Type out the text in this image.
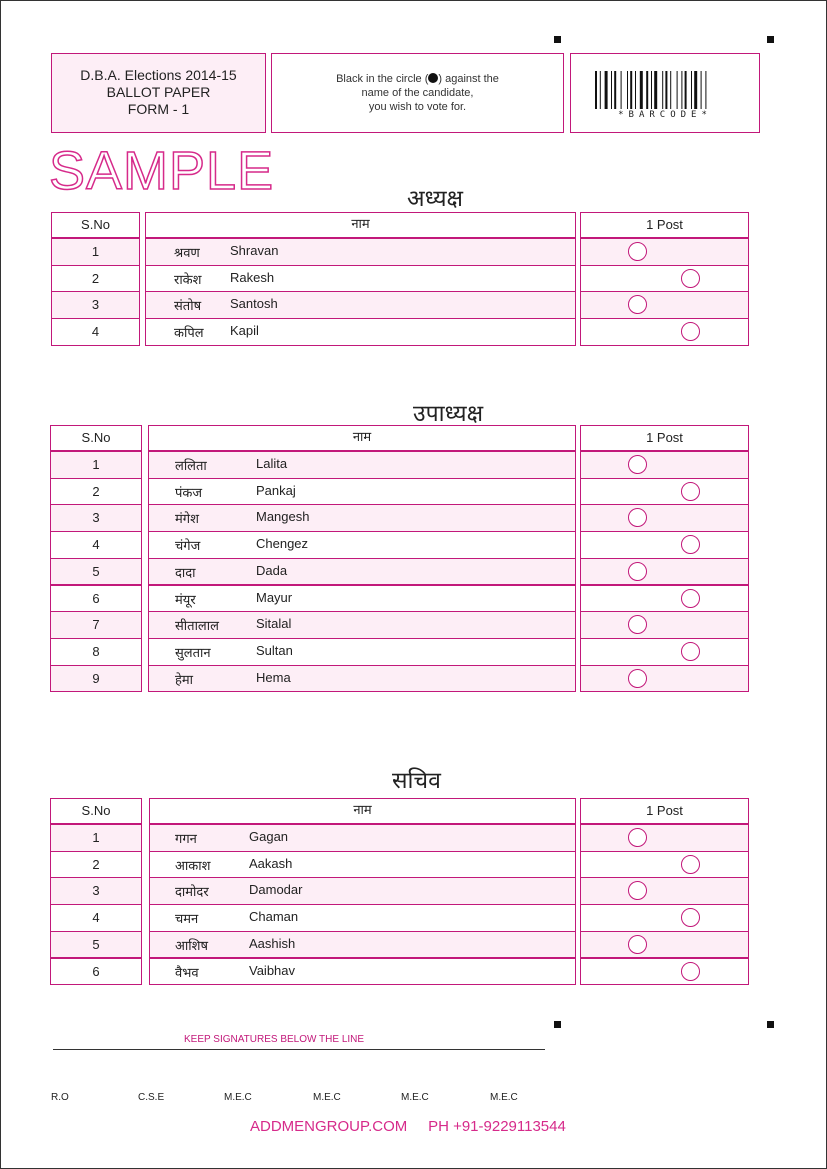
D.B.A. Elections 2014-15
BALLOT PAPER
FORM - 1
Black in the circle ( ) against the
name of the candidate,
you wish to vote for.
*BARCODE*
SAMPLE	अध्यक्ष
S.No	नाम	1 Post
1	श्रवण Shravan
2	राकेश Rakesh
3	संतोष Santosh
4	कपिल Kapil
उपाध्यक्ष
S.No	नाम	1 Post
1	ललिता	Lalita
2	पंकज	Pankaj
3	मंगेश	Mangesh
4	चंगेज	Chengez
5	दादा	Dada
6	मंयूर	Mayur
7	सीतालाल	Sitalal
8	सुलतान	Sultan
9	हेमा	Hema
सचिव
S.No	नाम	1 Post
1	गगन	Gagan
2	आकाश	Aakash
3	दामोदर	Damodar
4	चमन	Chaman
5	आशिष	Aashish
6	वैभव	Vaibhav
KEEP SIGNATURES BELOW THE LINE
R.O	C.S.E	M.E.C	M.E.C	M.E.C	M.E.C
ADDMENGROUP.COM     PH +91-9229113544
